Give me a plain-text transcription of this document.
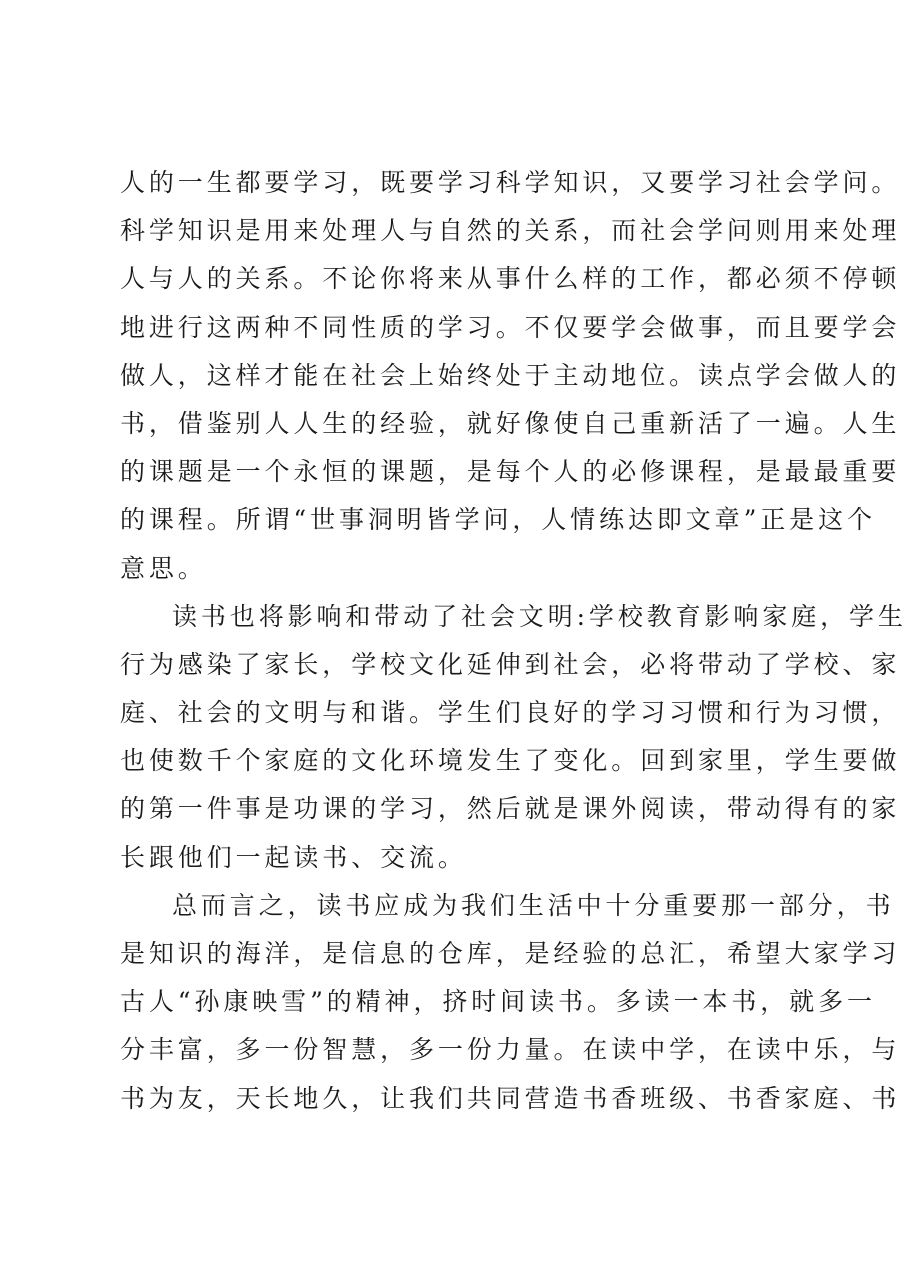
人的一生都要学习，既要学习科学知识，又要学习社会学问。
科学知识是用来处理人与自然的关系，而社会学问则用来处理
人与人的关系。不论你将来从事什么样的工作，都必须不停顿
地进行这两种不同性质的学习。不仅要学会做事，而且要学会
做人，这样才能在社会上始终处于主动地位。读点学会做人的
书，借鉴别人人生的经验，就好像使自己重新活了一遍。人生
的课题是一个永恒的课题，是每个人的必修课程，是最最重要
的课程。所谓“世事洞明皆学问，人情练达即文章”正是这个
意思。
读书也将影响和带动了社会文明:学校教育影响家庭，学生
行为感染了家长，学校文化延伸到社会，必将带动了学校、家
庭、社会的文明与和谐。学生们良好的学习习惯和行为习惯，
也使数千个家庭的文化环境发生了变化。回到家里，学生要做
的第一件事是功课的学习，然后就是课外阅读，带动得有的家
长跟他们一起读书、交流。
总而言之，读书应成为我们生活中十分重要那一部分，书
是知识的海洋，是信息的仓库，是经验的总汇，希望大家学习
古人“孙康映雪”的精神，挤时间读书。多读一本书，就多一
分丰富，多一份智慧，多一份力量。在读中学，在读中乐，与
书为友，天长地久，让我们共同营造书香班级、书香家庭、书
